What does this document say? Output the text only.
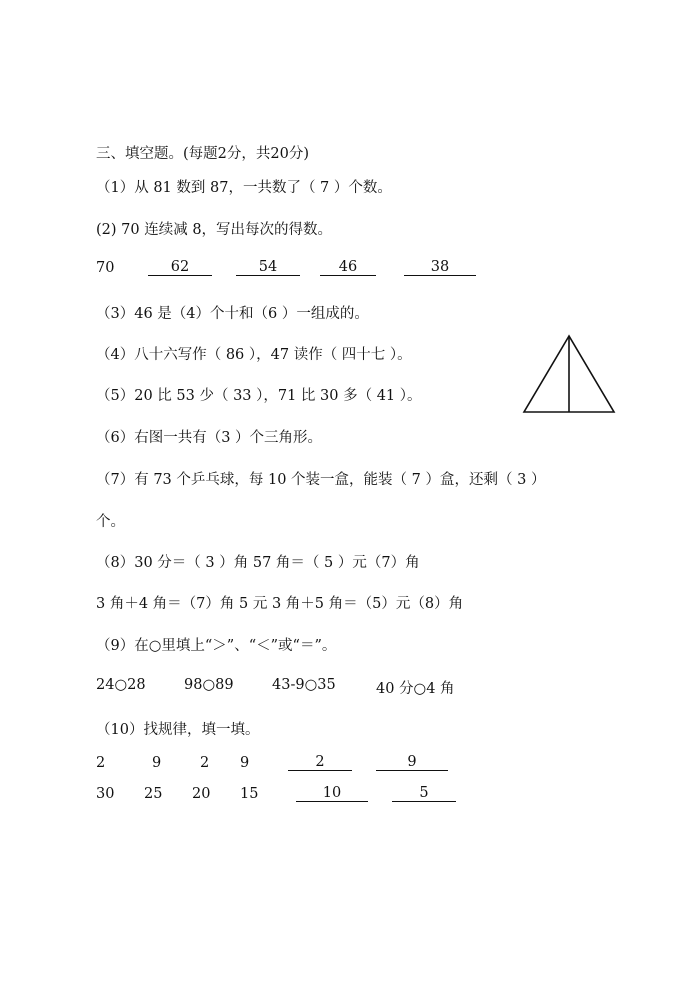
三、填空题。(每题2分，共20分)
（1）从 81 数到 87，一共数了（ 7 ）个数。
(2) 70 连续减 8，写出每次的得数。
70	62	54	46	38
（3）46 是（4）个十和（6 ）一组成的。
（4）八十六写作（ 86 ），47 读作（ 四十七 ）。
（5）20 比 53 少（ 33 ），71 比 30 多（ 41 ）。
（6）右图一共有（3 ）个三角形。
（7）有 73 个乒乓球，每 10 个装一盒，能装（ 7 ）盒，还剩（ 3 ）
个。
（8）30 分＝（ 3 ）角 57 角＝（ 5 ）元（7）角
3 角＋4 角＝（7）角 5 元 3 角＋5 角＝（5）元（8）角
（9）在○里填上“＞”、“＜”或“＝”。
24○28	98○89	43-9○35	40 分○4 角
（10）找规律，填一填。
2	9	2 9	2	9
30 25 20 15	10	5
